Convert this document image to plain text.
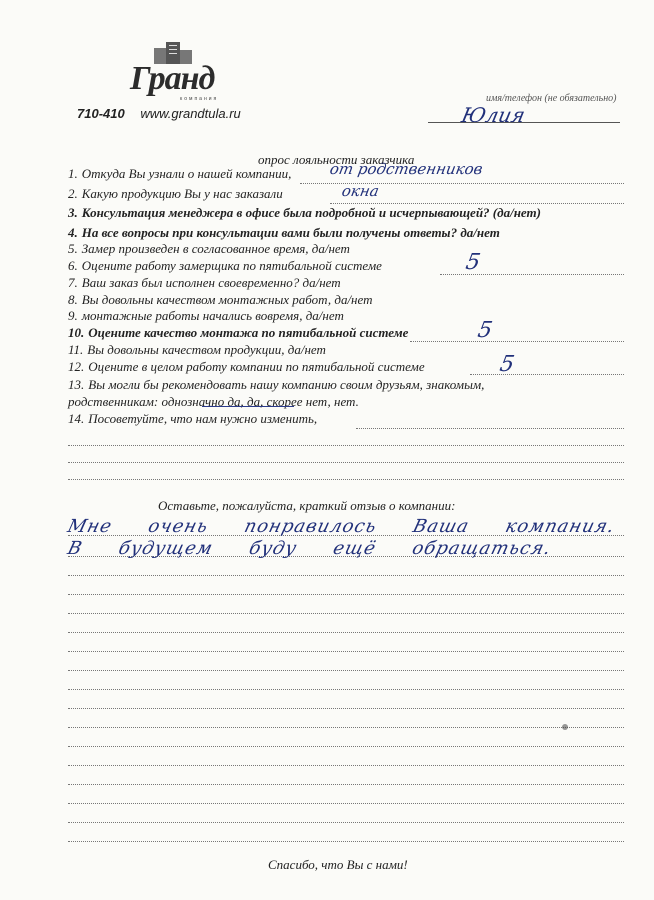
Гранд
компания
710-410 www.grandtula.ru
имя/телефон (не обязательно)
Юлия
опрос лояльности заказчика
1. Откуда Вы узнали о нашей компании, от родственников
2. Какую продукцию Вы у нас заказали	окна
3. Консультация менеджера в офисе была подробной и исчерпывающей? (да/нет)
4. На все вопросы при консультации вами были получены ответы? да/нет
5. Замер произведен в согласованное время, да/нет
6. Оцените работу замерщика по пятибальной системе	5
7. Ваш заказ был исполнен своевременно? да/нет
8. Вы довольны качеством монтажных работ, да/нет
9. монтажные работы начались вовремя, да/нет
10. Оцените качество монтажа по пятибальной системе	5
11. Вы довольны качеством продукции, да/нет
12. Оцените в целом работу компании по пятибальной системе	5
13. Вы могли бы рекомендовать нашу компанию своим друзьям, знакомым,
родственникам: однозначно да, да, скорее нет, нет.
14. Посоветуйте, что нам нужно изменить,
Оставьте, пожалуйста, краткий отзыв о компании:
Мне очень понравилось Ваша компания.
В будущем буду ещё обращаться.
Спасибо, что Вы с нами!
